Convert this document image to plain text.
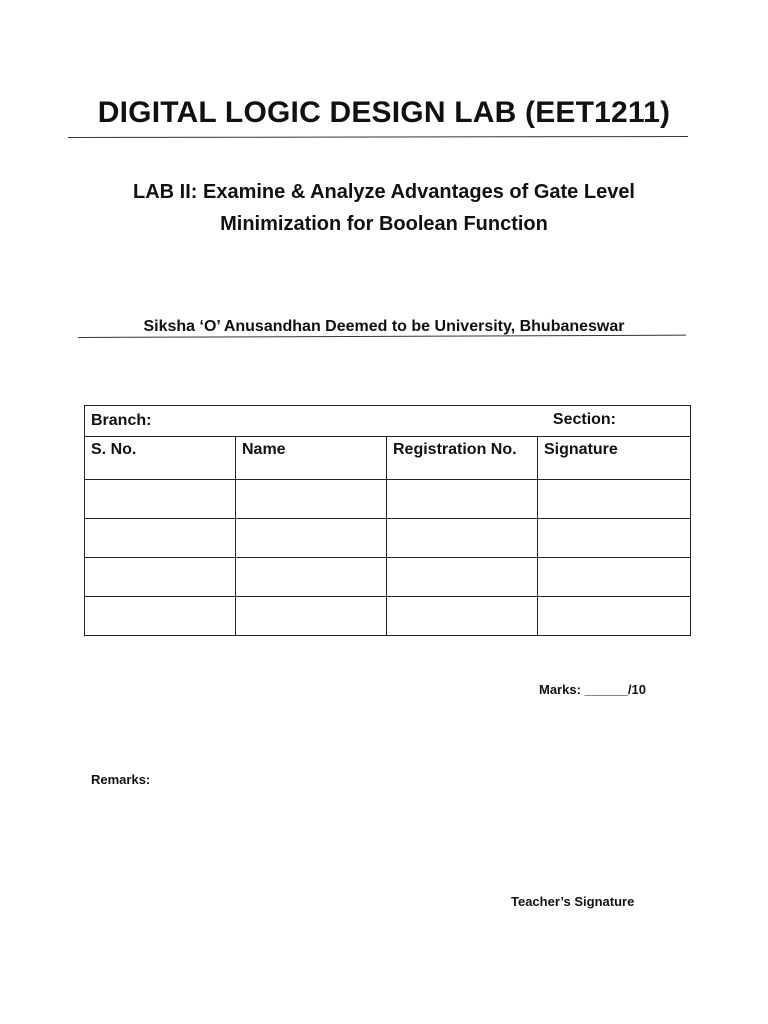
DIGITAL LOGIC DESIGN LAB (EET1211)
LAB II: Examine & Analyze Advantages of Gate Level
Minimization for Boolean Function
Siksha ‘O’ Anusandhan Deemed to be University, Bhubaneswar
Branch: Section:			

S. No.	Name	Registration No.	Signature

Marks: ______/10
Remarks:
Teacher’s Signature
